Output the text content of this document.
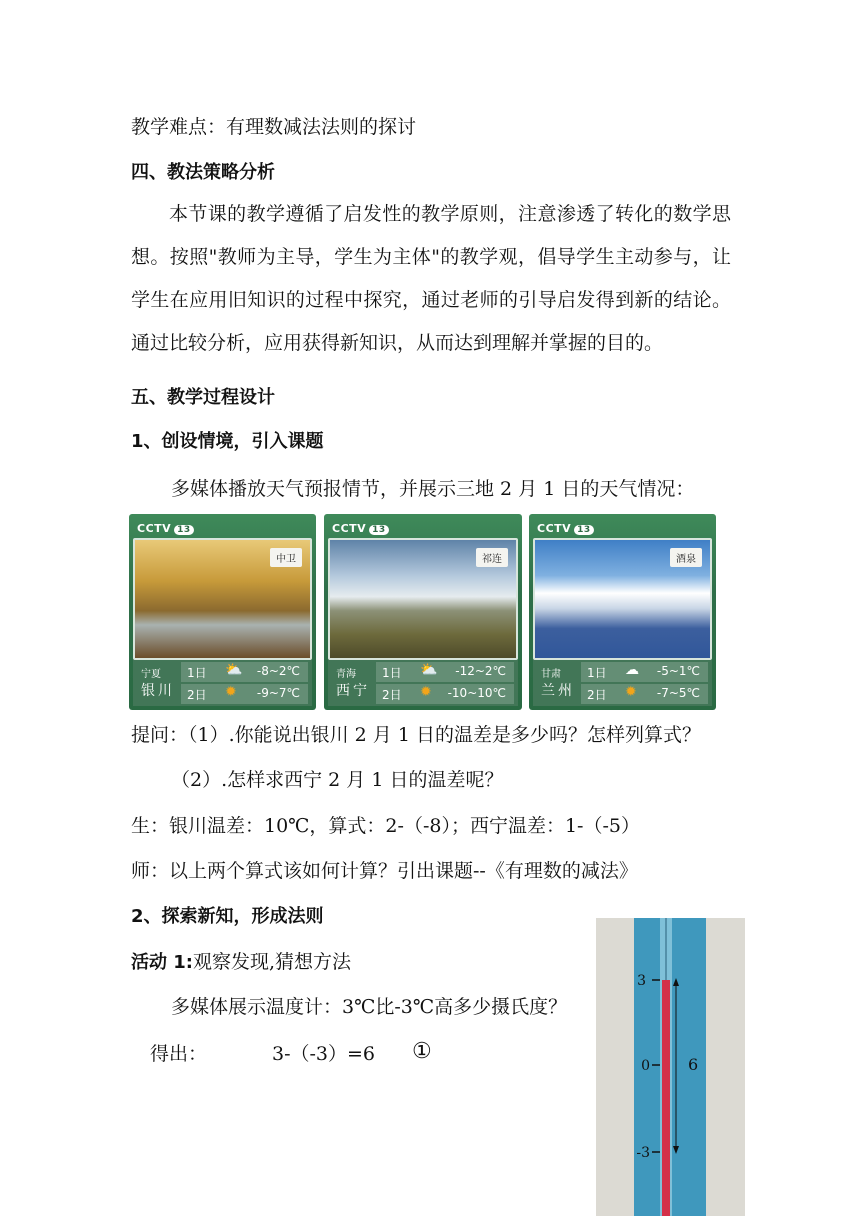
教学难点：有理数减法法则的探讨
四、教法策略分析
本节课的教学遵循了启发性的教学原则，注意渗透了转化的数学思想。按照"教师为主导，学生为主体"的教学观，倡导学生主动参与，让学生在应用旧知识的过程中探究，通过老师的引导启发得到新的结论。通过比较分析，应用获得新知识，从而达到理解并掌握的目的。
五、教学过程设计
1、创设情境，引入课题
多媒体播放天气预报情节，并展示三地 2 月 1 日的天气情况：
CCTV 13
中卫
宁夏
银川
1日 ⛅ -8~2℃
2日 ✹ -9~7℃
CCTV 13
祁连
青海
西宁
1日 ⛅ -12~2℃
2日 ✹ -10~10℃
CCTV 13
酒泉
甘肃
兰州
1日 ☁ -5~1℃
2日 ✹ -7~5℃
提问：（1）.你能说出银川 2 月 1 日的温差是多少吗？怎样列算式？
（2）.怎样求西宁 2 月 1 日的温差呢？
生：银川温差：10℃，算式：2-（-8）；西宁温差：1-（-5）
师：以上两个算式该如何计算？引出课题--《有理数的减法》
2、探索新知，形成法则
活动 1:观察发现,猜想方法
多媒体展示温度计：3℃比-3℃高多少摄氏度？
得出：	3-（-3）=6 ①
3
0
-3
6
